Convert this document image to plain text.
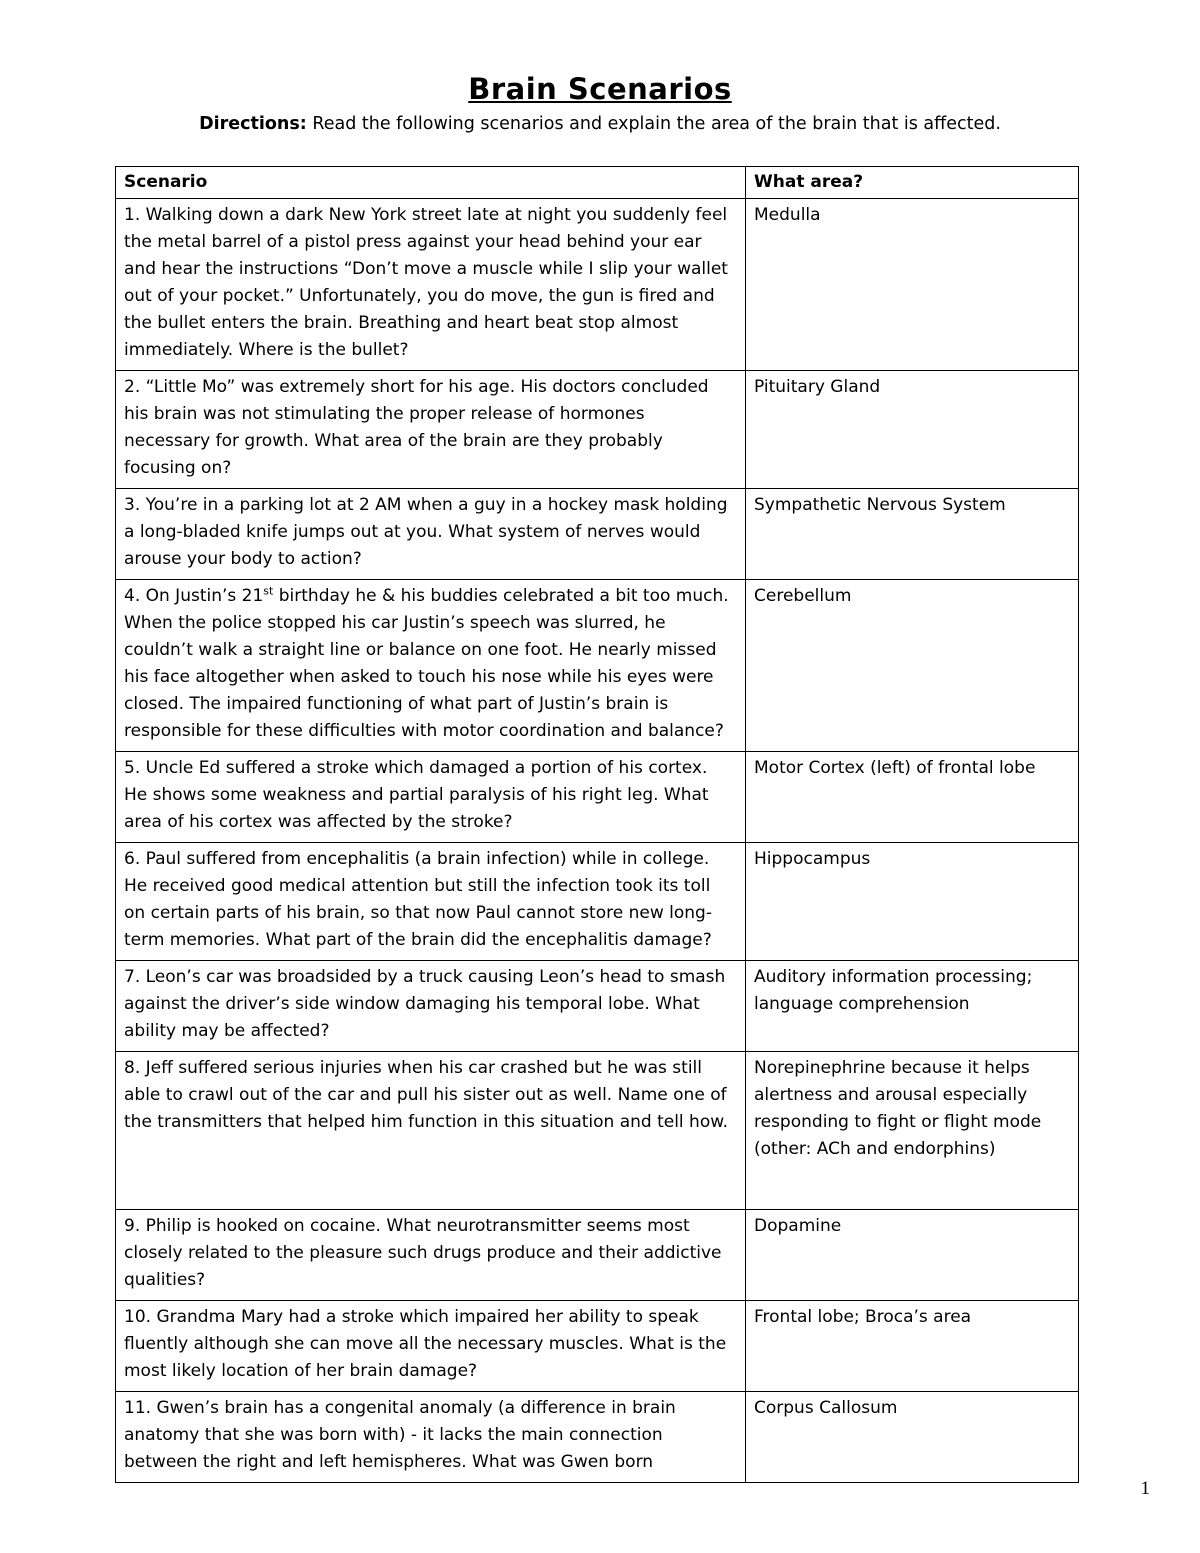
Brain Scenarios
Directions: Read the following scenarios and explain the area of the brain that is affected.
Scenario	What area?
1. Walking down a dark New York street late at night you suddenly feel the metal barrel of a pistol press against your head behind your ear and hear the instructions “Don’t move a muscle while I slip your wallet out of your pocket.” Unfortunately, you do move, the gun is fired and the bullet enters the brain. Breathing and heart beat stop almost immediately. Where is the bullet?	Medulla
2. “Little Mo” was extremely short for his age. His doctors concluded his brain was not stimulating the proper release of hormones necessary for growth. What area of the brain are they probably focusing on?	Pituitary Gland
3. You’re in a parking lot at 2 AM when a guy in a hockey mask holding a long-bladed knife jumps out at you. What system of nerves would arouse your body to action?	Sympathetic Nervous System
4. On Justin’s 21st birthday he & his buddies celebrated a bit too much. When the police stopped his car Justin’s speech was slurred, he couldn’t walk a straight line or balance on one foot. He nearly missed his face altogether when asked to touch his nose while his eyes were closed. The impaired functioning of what part of Justin’s brain is responsible for these difficulties with motor coordination and balance?	Cerebellum
5. Uncle Ed suffered a stroke which damaged a portion of his cortex. He shows some weakness and partial paralysis of his right leg. What area of his cortex was affected by the stroke?	Motor Cortex (left) of frontal lobe
6. Paul suffered from encephalitis (a brain infection) while in college. He received good medical attention but still the infection took its toll on certain parts of his brain, so that now Paul cannot store new long-term memories. What part of the brain did the encephalitis damage?	Hippocampus
7. Leon’s car was broadsided by a truck causing Leon’s head to smash against the driver’s side window damaging his temporal lobe. What ability may be affected?	Auditory information processing; language comprehension
8. Jeff suffered serious injuries when his car crashed but he was still able to crawl out of the car and pull his sister out as well. Name one of the transmitters that helped him function in this situation and tell how.	Norepinephrine because it helps alertness and arousal especially responding to fight or flight mode (other: ACh and endorphins)
9. Philip is hooked on cocaine. What neurotransmitter seems most closely related to the pleasure such drugs produce and their addictive qualities?	Dopamine
10. Grandma Mary had a stroke which impaired her ability to speak fluently although she can move all the necessary muscles. What is the most likely location of her brain damage?	Frontal lobe; Broca’s area
11. Gwen’s brain has a congenital anomaly (a difference in brain anatomy that she was born with) - it lacks the main connection between the right and left hemispheres. What was Gwen born	Corpus Callosum
1
